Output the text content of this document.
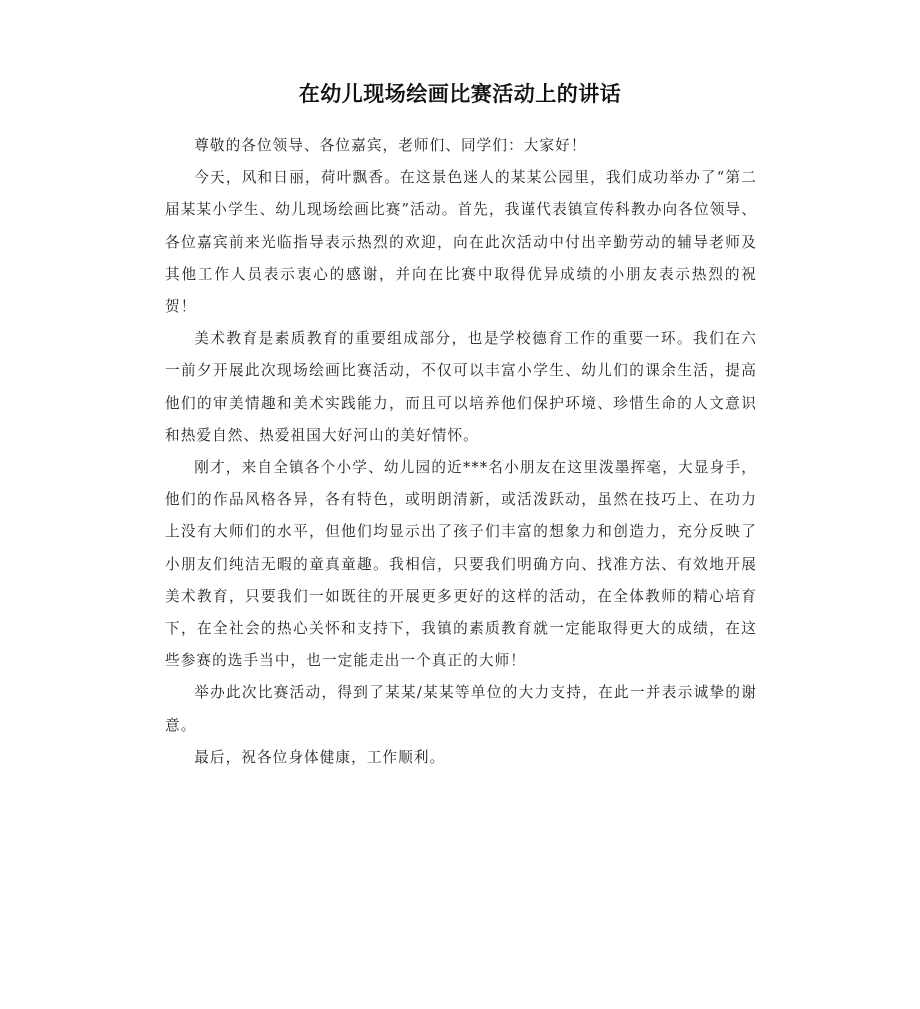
在幼儿现场绘画比赛活动上的讲话

尊敬的各位领导、各位嘉宾，老师们、同学们：大家好！

今天，风和日丽，荷叶飘香。在这景色迷人的某某公园里，我们成功举办了“第二届某某小学生、幼儿现场绘画比赛”活动。首先，我谨代表镇宣传科教办向各位领导、各位嘉宾前来光临指导表示热烈的欢迎，向在此次活动中付出辛勤劳动的辅导老师及其他工作人员表示衷心的感谢，并向在比赛中取得优异成绩的小朋友表示热烈的祝贺！

美术教育是素质教育的重要组成部分，也是学校德育工作的重要一环。我们在六一前夕开展此次现场绘画比赛活动，不仅可以丰富小学生、幼儿们的课余生活，提高他们的审美情趣和美术实践能力，而且可以培养他们保护环境、珍惜生命的人文意识和热爱自然、热爱祖国大好河山的美好情怀。

刚才，来自全镇各个小学、幼儿园的近***名小朋友在这里泼墨挥毫，大显身手，他们的作品风格各异，各有特色，或明朗清新，或活泼跃动，虽然在技巧上、在功力上没有大师们的水平，但他们均显示出了孩子们丰富的想象力和创造力，充分反映了小朋友们纯洁无暇的童真童趣。我相信，只要我们明确方向、找准方法、有效地开展美术教育，只要我们一如既往的开展更多更好的这样的活动，在全体教师的精心培育下，在全社会的热心关怀和支持下，我镇的素质教育就一定能取得更大的成绩，在这些参赛的选手当中，也一定能走出一个真正的大师！

举办此次比赛活动，得到了某某/某某等单位的大力支持，在此一并表示诚挚的谢意。

最后，祝各位身体健康，工作顺利。
